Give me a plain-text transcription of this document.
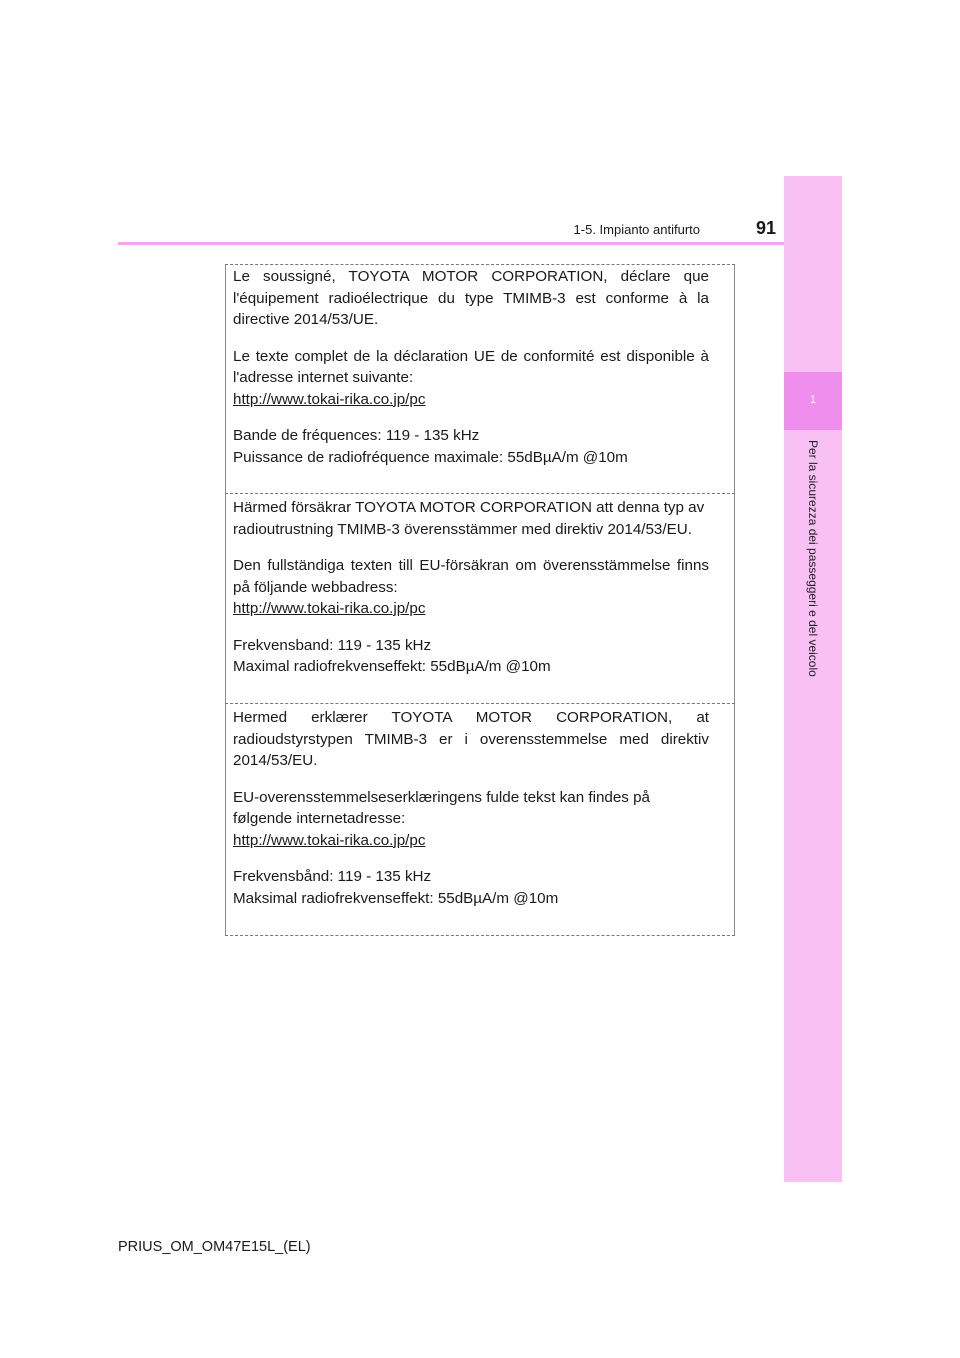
1-5. Impianto antifurto	91
1
Per la sicurezza dei passeggeri e del veicolo

Le soussigné, TOYOTA MOTOR CORPORATION, déclare que

l'équipement radioélectrique du type TMIMB-3 est conforme à la

directive 2014/53/UE.

Le texte complet de la déclaration UE de conformité est disponible à

l'adresse internet suivante:

http://www.tokai-rika.co.jp/pc

Bande de fréquences: 119 - 135 kHz

Puissance de radiofréquence maximale: 55dBµA/m @10m

Härmed försäkrar TOYOTA MOTOR CORPORATION att denna typ av

radioutrustning TMIMB-3 överensstämmer med direktiv 2014/53/EU.

Den fullständiga texten till EU-försäkran om överensstämmelse finns

på följande webbadress:

http://www.tokai-rika.co.jp/pc

Frekvensband: 119 - 135 kHz

Maximal radiofrekvenseffekt: 55dBµA/m @10m

Hermed erklærer TOYOTA MOTOR CORPORATION, at

radioudstyrstypen TMIMB-3 er i overensstemmelse med direktiv

2014/53/EU.

EU-overensstemmelseserklæringens fulde tekst kan findes på

følgende internetadresse:

http://www.tokai-rika.co.jp/pc

Frekvensbånd: 119 - 135 kHz

Maksimal radiofrekvenseffekt: 55dBµA/m @10m

PRIUS_OM_OM47E15L_(EL)
